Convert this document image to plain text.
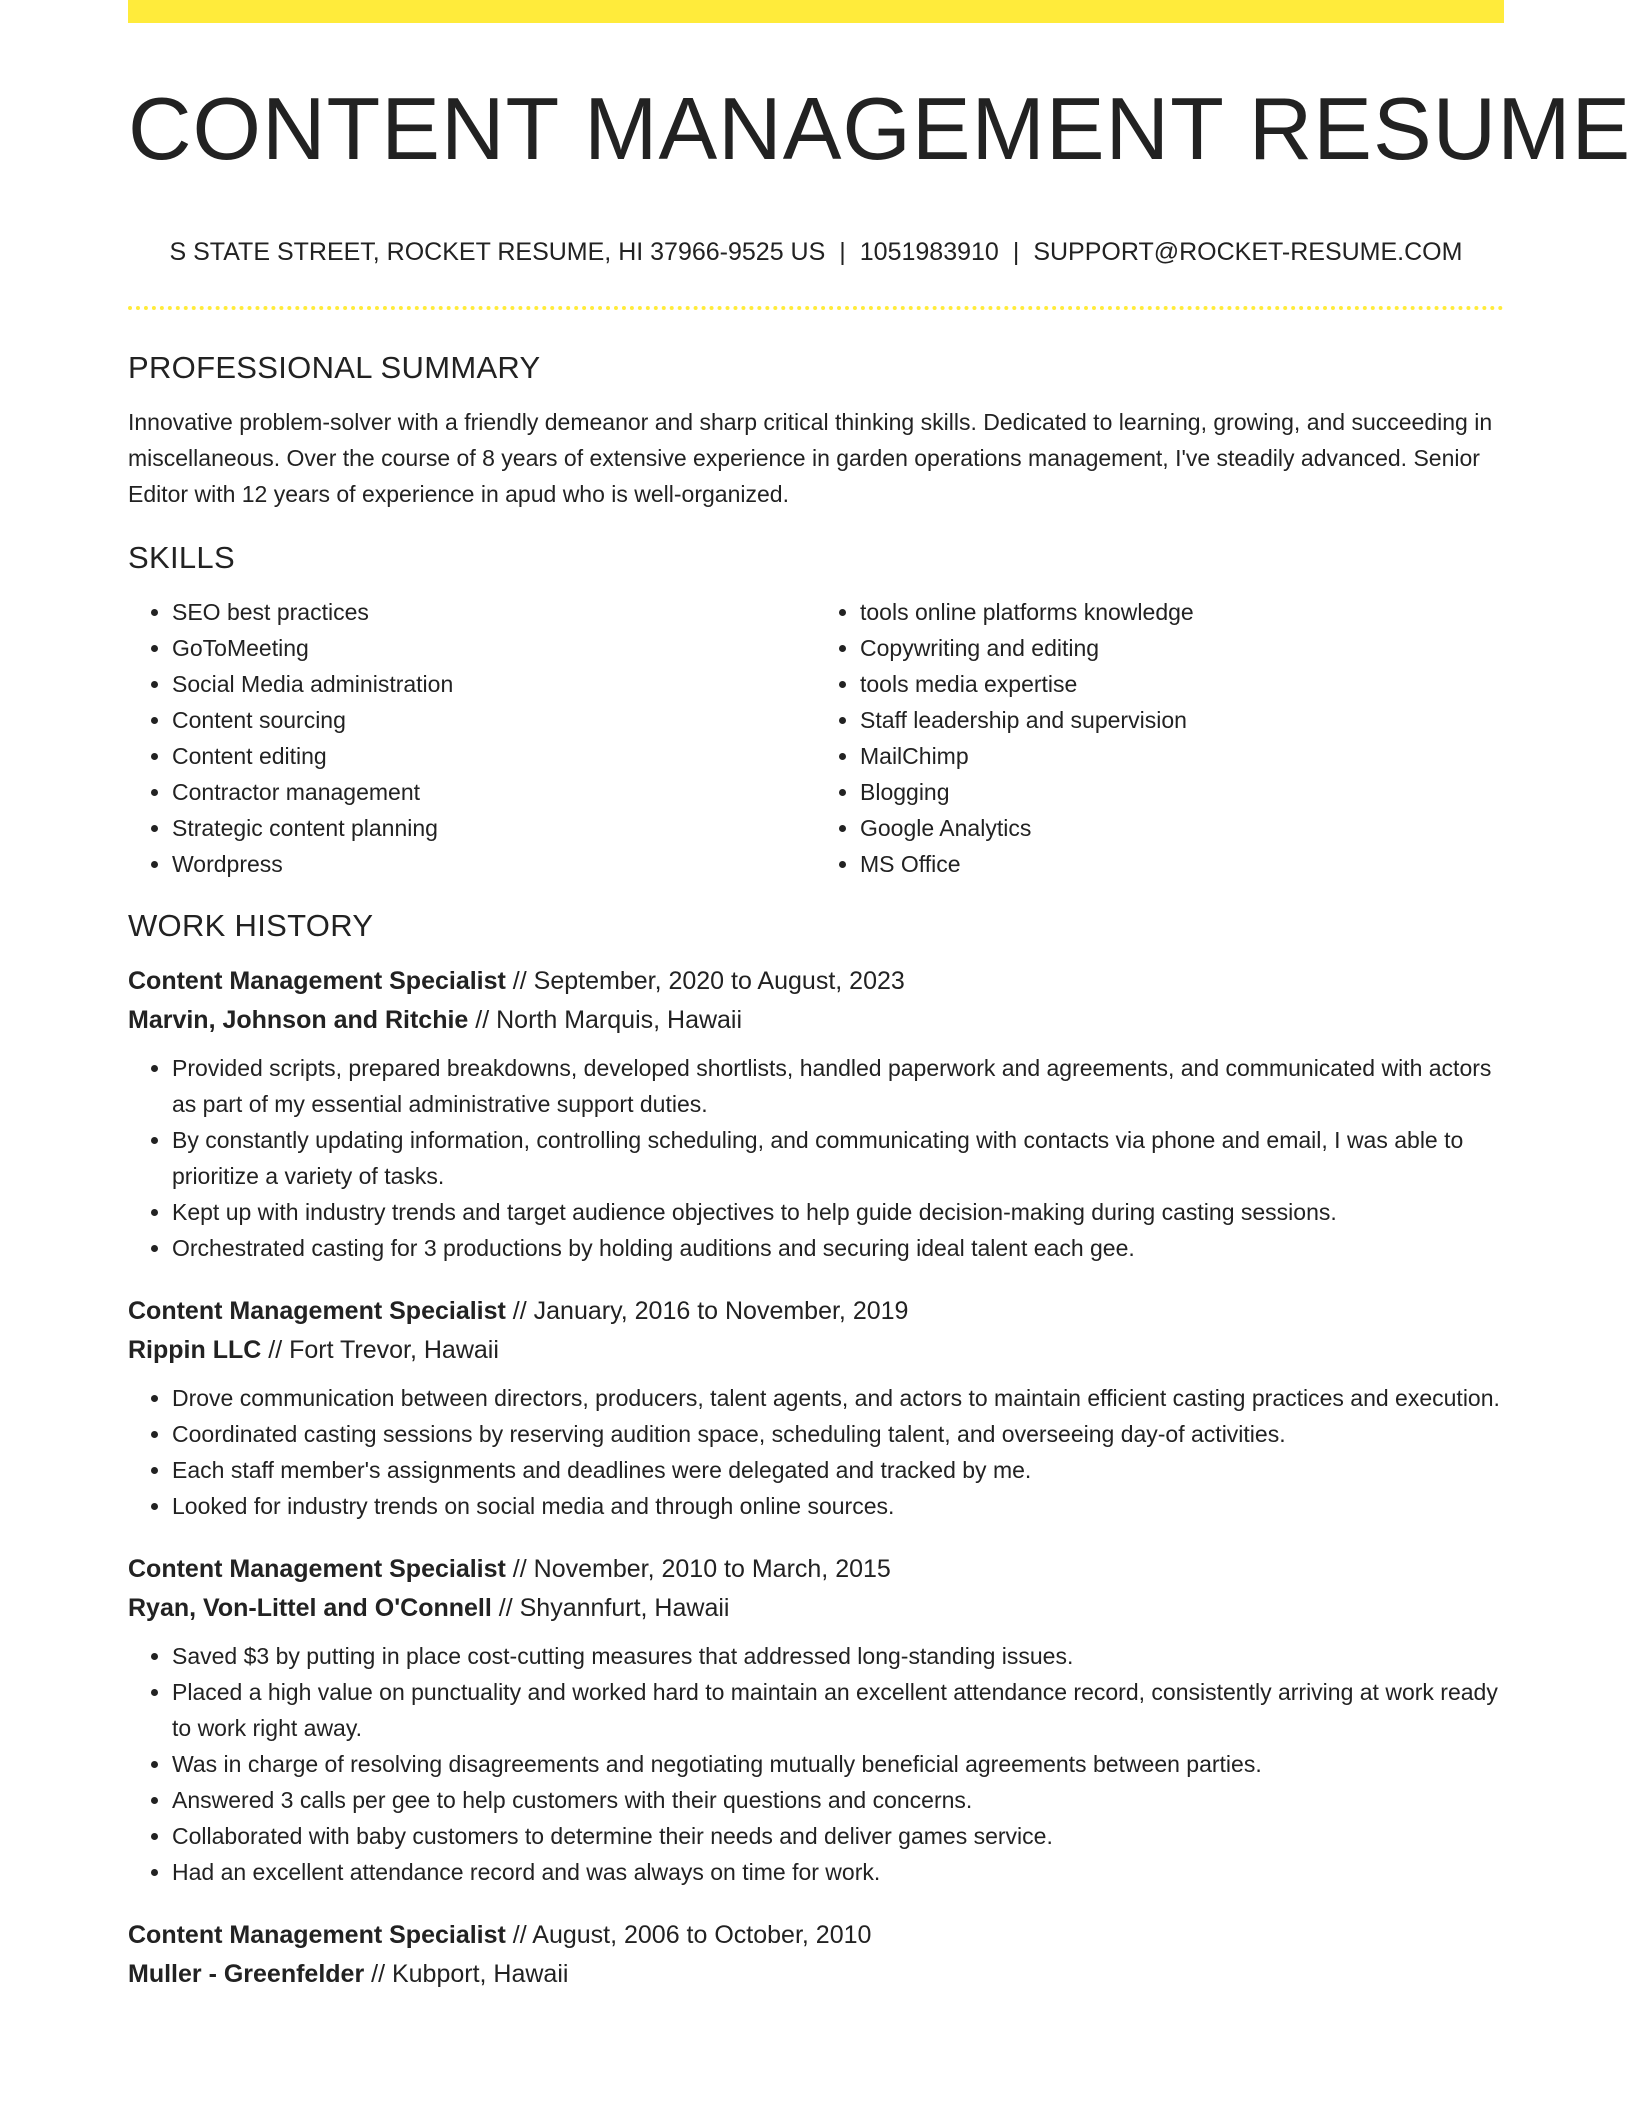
CONTENT MANAGEMENT RESUME
S STATE STREET, ROCKET RESUME, HI 37966-9525 US | 1051983910 | SUPPORT@ROCKET-RESUME.COM
PROFESSIONAL SUMMARY

Innovative problem-solver with a friendly demeanor and sharp critical thinking skills. Dedicated to learning, growing, and succeeding in miscellaneous. Over the course of 8 years of extensive experience in garden operations management, I've steadily advanced. Senior Editor with 12 years of experience in apud who is well-organized.

SKILLS
• SEO best practices
• GoToMeeting
• Social Media administration
• Content sourcing
• Content editing
• Contractor management
• Strategic content planning
• Wordpress
• tools online platforms knowledge
• Copywriting and editing
• tools media expertise
• Staff leadership and supervision
• MailChimp
• Blogging
• Google Analytics
• MS Office
WORK HISTORY
Content Management Specialist // September, 2020 to August, 2023
Marvin, Johnson and Ritchie // North Marquis, Hawaii
• Provided scripts, prepared breakdowns, developed shortlists, handled paperwork and agreements, and communicated with actors as part of my essential administrative support duties.
• By constantly updating information, controlling scheduling, and communicating with contacts via phone and email, I was able to prioritize a variety of tasks.
• Kept up with industry trends and target audience objectives to help guide decision-making during casting sessions.
• Orchestrated casting for 3 productions by holding auditions and securing ideal talent each gee.
Content Management Specialist // January, 2016 to November, 2019
Rippin LLC // Fort Trevor, Hawaii
• Drove communication between directors, producers, talent agents, and actors to maintain efficient casting practices and execution.
• Coordinated casting sessions by reserving audition space, scheduling talent, and overseeing day-of activities.
• Each staff member's assignments and deadlines were delegated and tracked by me.
• Looked for industry trends on social media and through online sources.
Content Management Specialist // November, 2010 to March, 2015
Ryan, Von-Littel and O'Connell // Shyannfurt, Hawaii
• Saved $3 by putting in place cost-cutting measures that addressed long-standing issues.
• Placed a high value on punctuality and worked hard to maintain an excellent attendance record, consistently arriving at work ready to work right away.
• Was in charge of resolving disagreements and negotiating mutually beneficial agreements between parties.
• Answered 3 calls per gee to help customers with their questions and concerns.
• Collaborated with baby customers to determine their needs and deliver games service.
• Had an excellent attendance record and was always on time for work.
Content Management Specialist // August, 2006 to October, 2010
Muller - Greenfelder // Kubport, Hawaii
